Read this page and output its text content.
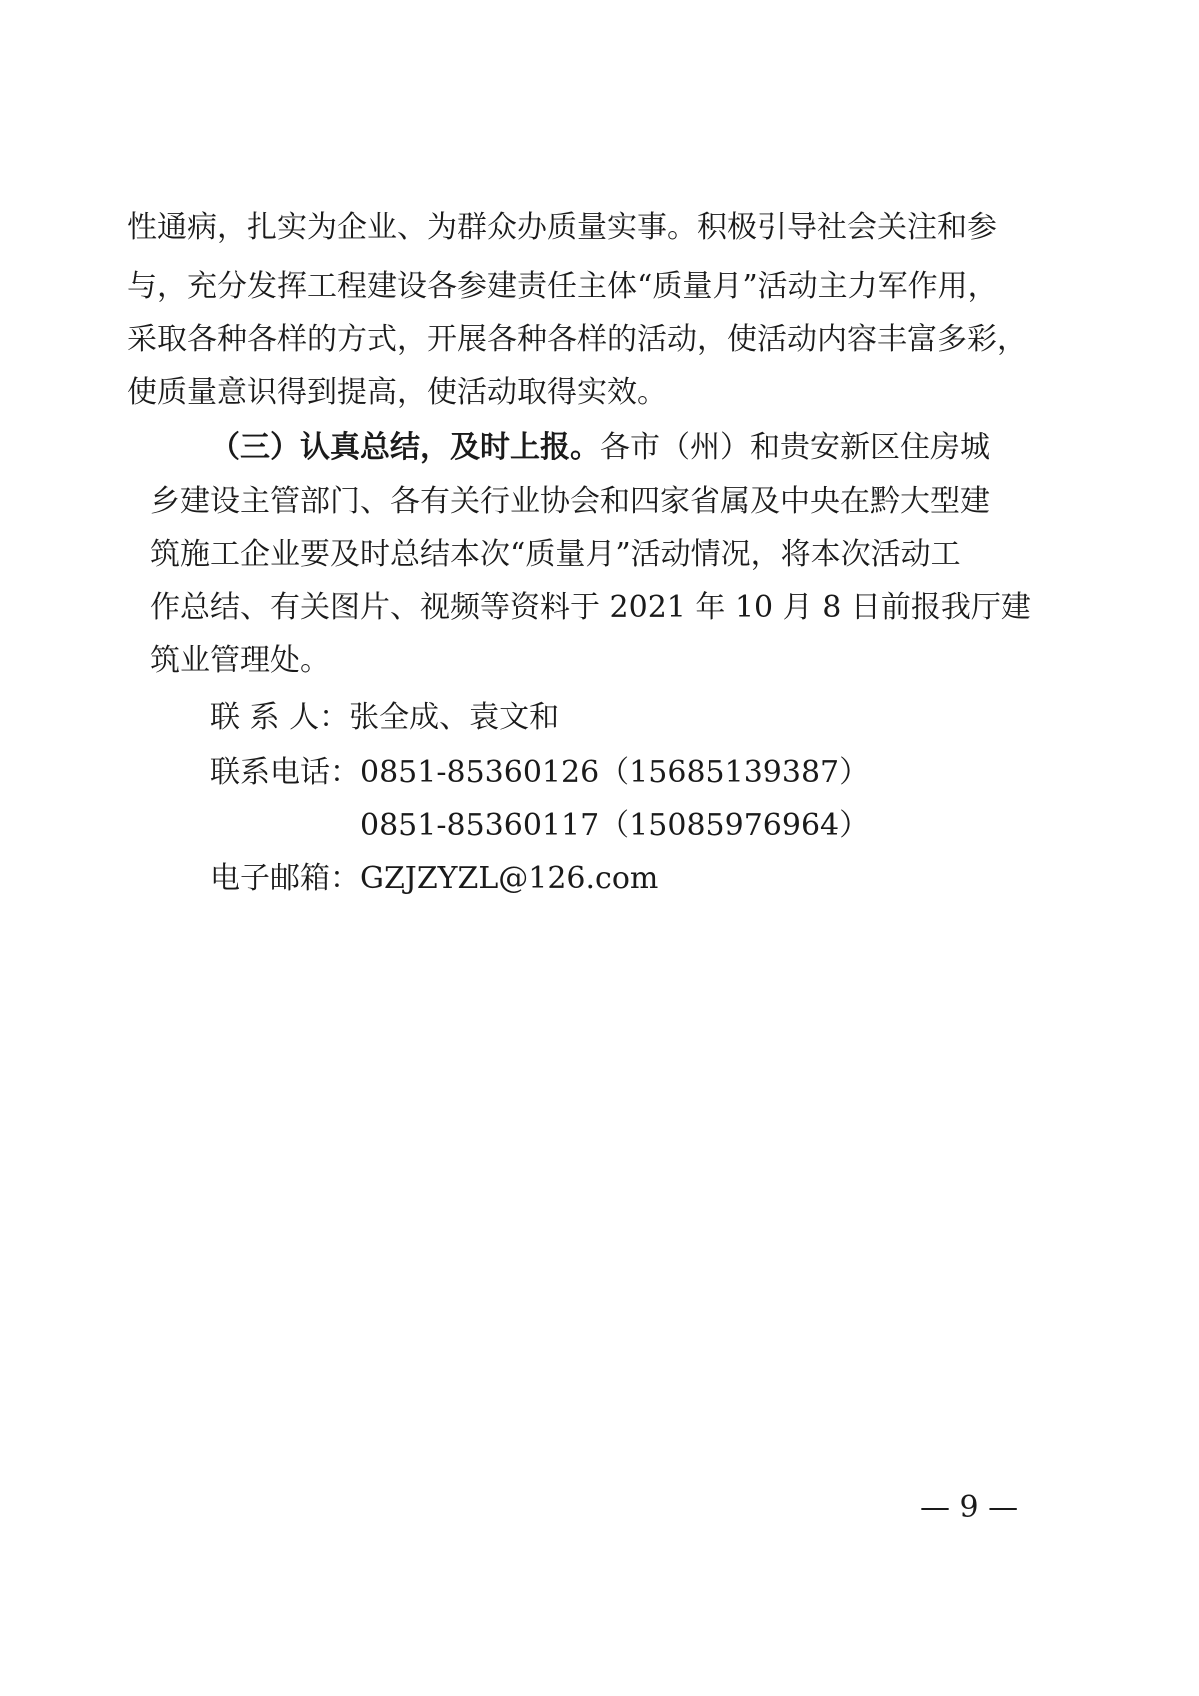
性通病，扎实为企业、为群众办质量实事。积极引导社会关注和参
与，充分发挥工程建设各参建责任主体“质量月”活动主力军作用，
采取各种各样的方式，开展各种各样的活动，使活动内容丰富多彩，
使质量意识得到提高，使活动取得实效。
（三）认真总结，及时上报。各市（州）和贵安新区住房城
乡建设主管部门、各有关行业协会和四家省属及中央在黔大型建
筑施工企业要及时总结本次“质量月”活动情况，将本次活动工
作总结、有关图片、视频等资料于 2021 年 10 月 8 日前报我厅建
筑业管理处。
联 系 人：张全成、袁文和
联系电话：0851-85360126（15685139387）
0851-85360117（15085976964）
电子邮箱：GZJZYZL@126.com
— 9 —
